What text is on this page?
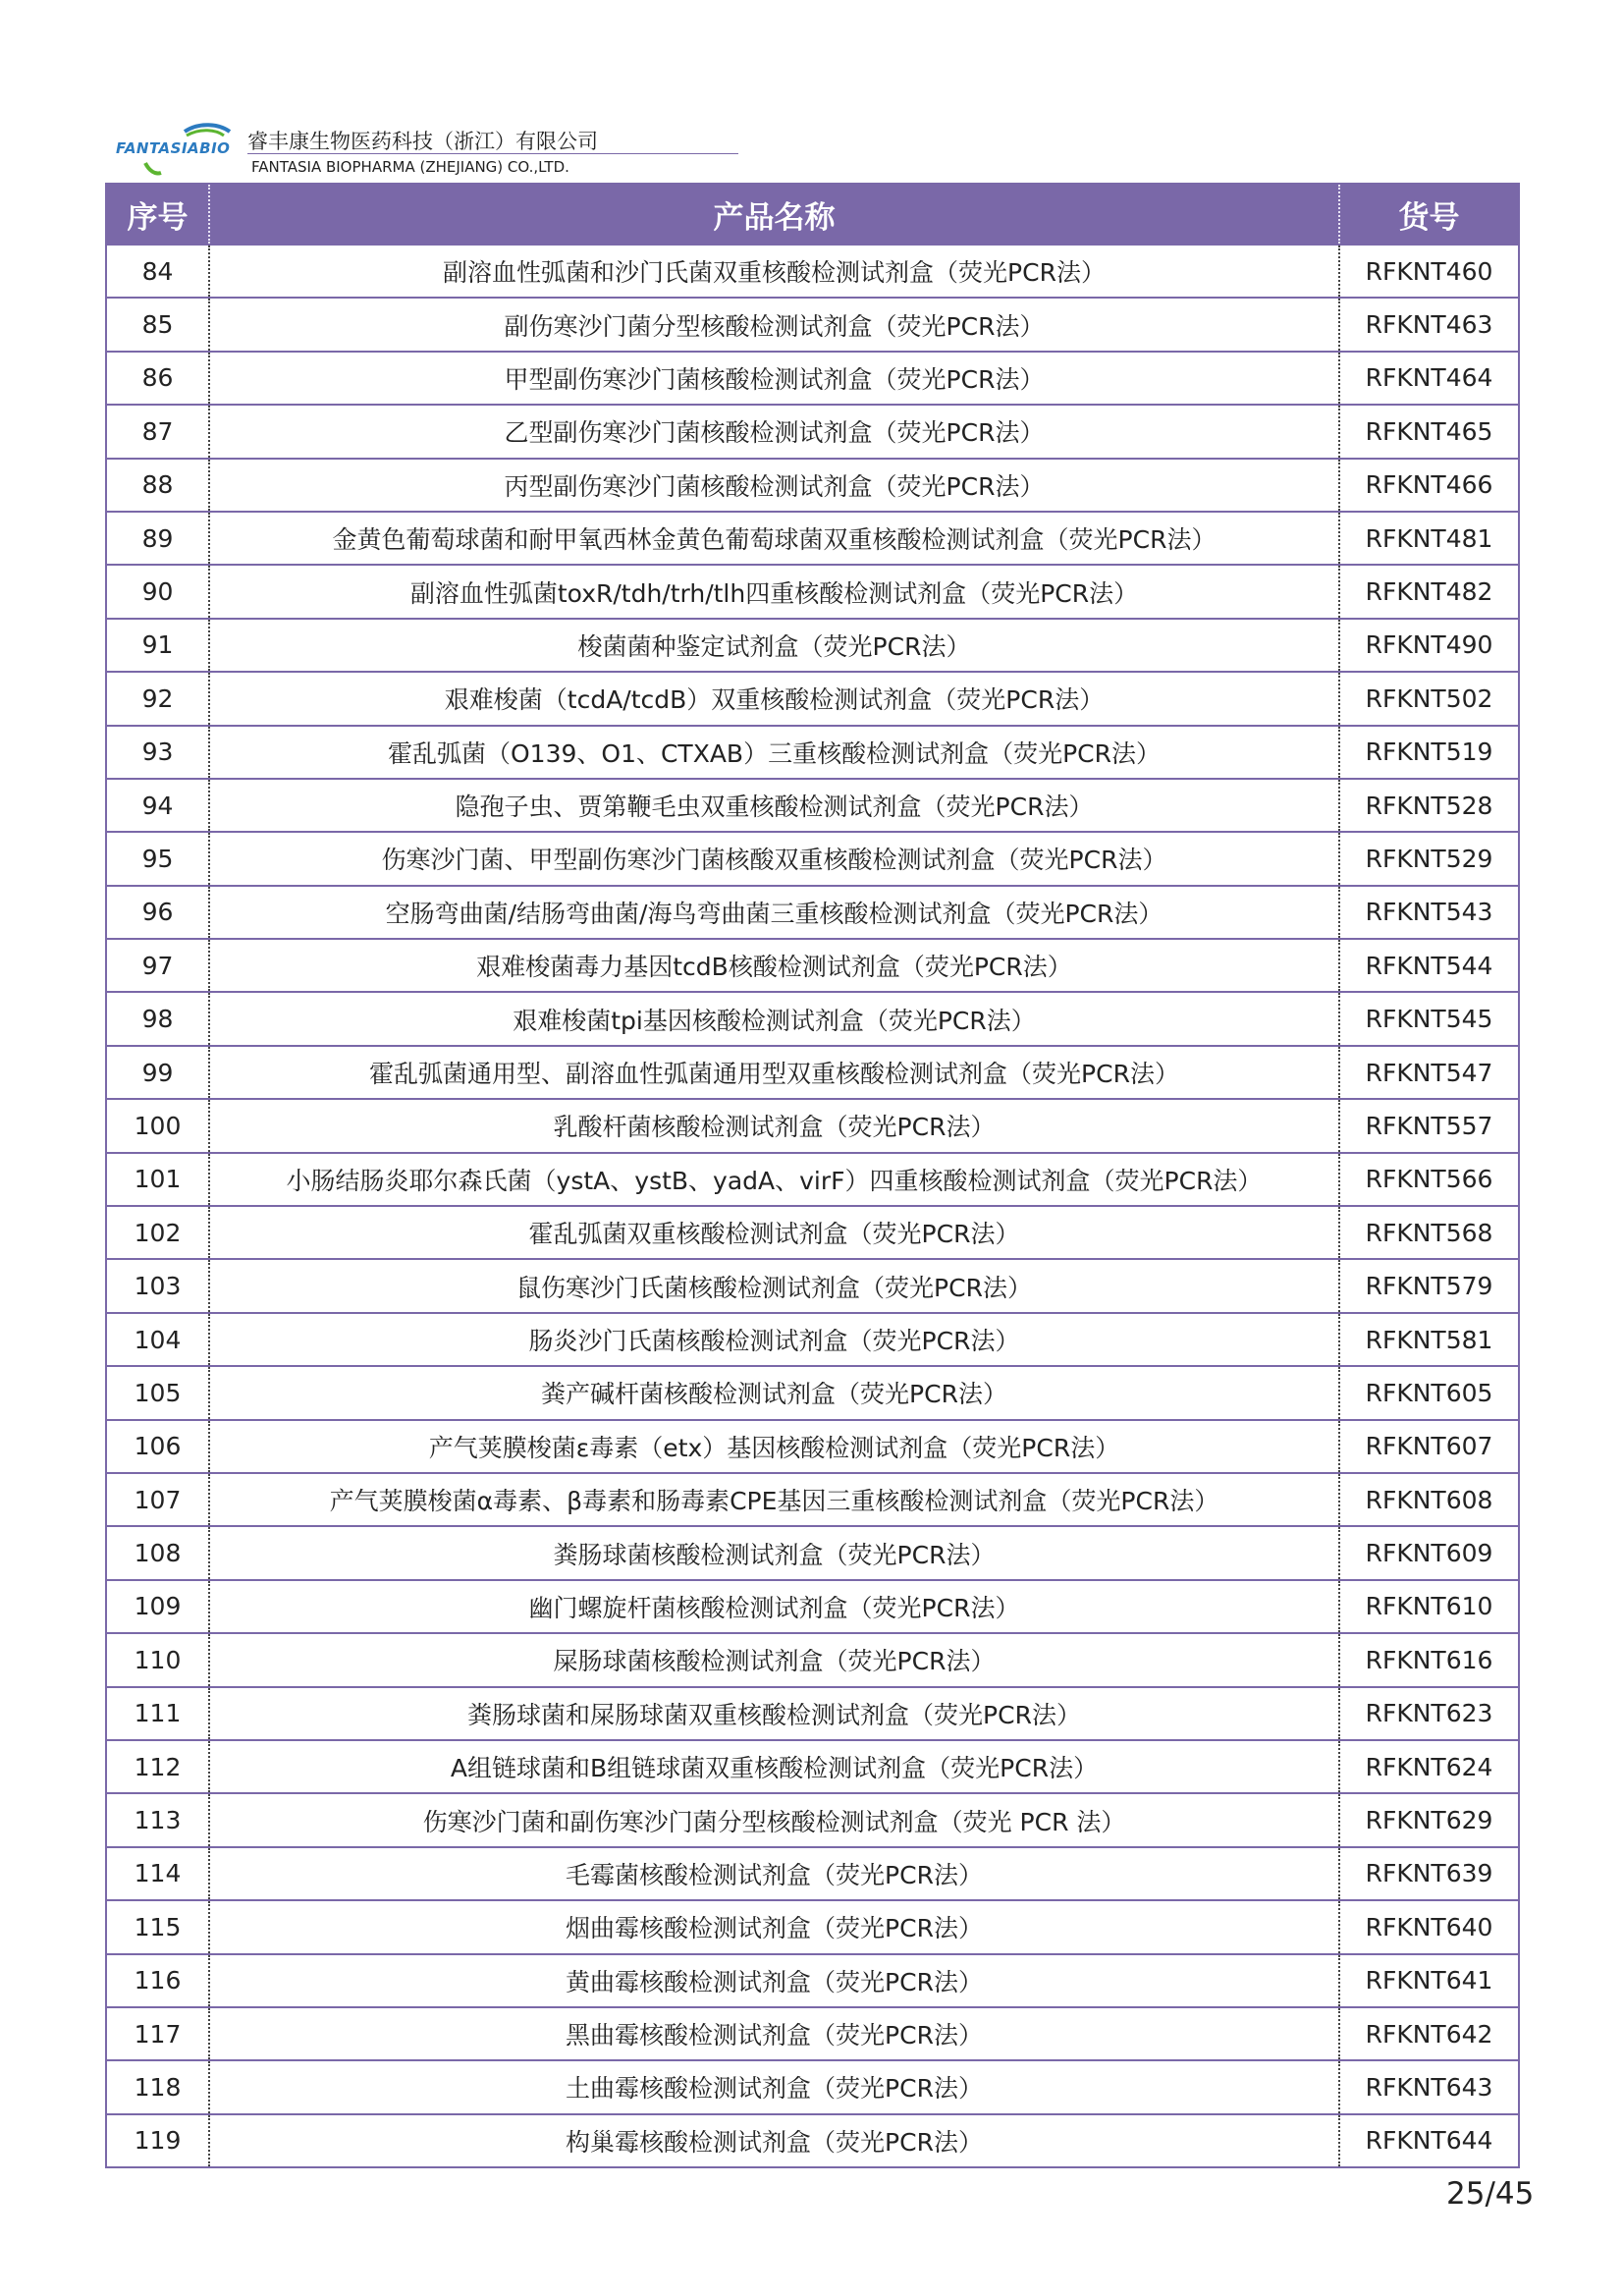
FANTASIABIO 睿丰康生物医药科技（浙江）有限公司
FANTASIA BIOPHARMA (ZHEJIANG) CO.,LTD.
序号	产品名称	货号
84	副溶血性弧菌和沙门氏菌双重核酸检测试剂盒（荧光PCR法）	RFKNT460
85	副伤寒沙门菌分型核酸检测试剂盒（荧光PCR法）	RFKNT463
86	甲型副伤寒沙门菌核酸检测试剂盒（荧光PCR法）	RFKNT464
87	乙型副伤寒沙门菌核酸检测试剂盒（荧光PCR法）	RFKNT465
88	丙型副伤寒沙门菌核酸检测试剂盒（荧光PCR法）	RFKNT466
89	金黄色葡萄球菌和耐甲氧西林金黄色葡萄球菌双重核酸检测试剂盒（荧光PCR法）	RFKNT481
90	副溶血性弧菌toxR/tdh/trh/tlh四重核酸检测试剂盒（荧光PCR法）	RFKNT482
91	梭菌菌种鉴定试剂盒（荧光PCR法）	RFKNT490
92	艰难梭菌（tcdA/tcdB）双重核酸检测试剂盒（荧光PCR法）	RFKNT502
93	霍乱弧菌（O139、O1、CTXAB）三重核酸检测试剂盒（荧光PCR法）	RFKNT519
94	隐孢子虫、贾第鞭毛虫双重核酸检测试剂盒（荧光PCR法）	RFKNT528
95	伤寒沙门菌、甲型副伤寒沙门菌核酸双重核酸检测试剂盒（荧光PCR法）	RFKNT529
96	空肠弯曲菌/结肠弯曲菌/海鸟弯曲菌三重核酸检测试剂盒（荧光PCR法）	RFKNT543
97	艰难梭菌毒力基因tcdB核酸检测试剂盒（荧光PCR法）	RFKNT544
98	艰难梭菌tpi基因核酸检测试剂盒（荧光PCR法）	RFKNT545
99	霍乱弧菌通用型、副溶血性弧菌通用型双重核酸检测试剂盒（荧光PCR法）	RFKNT547
100	乳酸杆菌核酸检测试剂盒（荧光PCR法）	RFKNT557
101	小肠结肠炎耶尔森氏菌（ystA、ystB、yadA、virF）四重核酸检测试剂盒（荧光PCR法）	RFKNT566
102	霍乱弧菌双重核酸检测试剂盒（荧光PCR法）	RFKNT568
103	鼠伤寒沙门氏菌核酸检测试剂盒（荧光PCR法）	RFKNT579
104	肠炎沙门氏菌核酸检测试剂盒（荧光PCR法）	RFKNT581
105	粪产碱杆菌核酸检测试剂盒（荧光PCR法）	RFKNT605
106	产气荚膜梭菌ε毒素（etx）基因核酸检测试剂盒（荧光PCR法）	RFKNT607
107	产气荚膜梭菌α毒素、β毒素和肠毒素CPE基因三重核酸检测试剂盒（荧光PCR法）	RFKNT608
108	粪肠球菌核酸检测试剂盒（荧光PCR法）	RFKNT609
109	幽门螺旋杆菌核酸检测试剂盒（荧光PCR法）	RFKNT610
110	屎肠球菌核酸检测试剂盒（荧光PCR法）	RFKNT616
111	粪肠球菌和屎肠球菌双重核酸检测试剂盒（荧光PCR法）	RFKNT623
112	A组链球菌和B组链球菌双重核酸检测试剂盒（荧光PCR法）	RFKNT624
113	伤寒沙门菌和副伤寒沙门菌分型核酸检测试剂盒（荧光 PCR 法）	RFKNT629
114	毛霉菌核酸检测试剂盒（荧光PCR法）	RFKNT639
115	烟曲霉核酸检测试剂盒（荧光PCR法）	RFKNT640
116	黄曲霉核酸检测试剂盒（荧光PCR法）	RFKNT641
117	黑曲霉核酸检测试剂盒（荧光PCR法）	RFKNT642
118	土曲霉核酸检测试剂盒（荧光PCR法）	RFKNT643
119	构巢霉核酸检测试剂盒（荧光PCR法）	RFKNT644
25/45
